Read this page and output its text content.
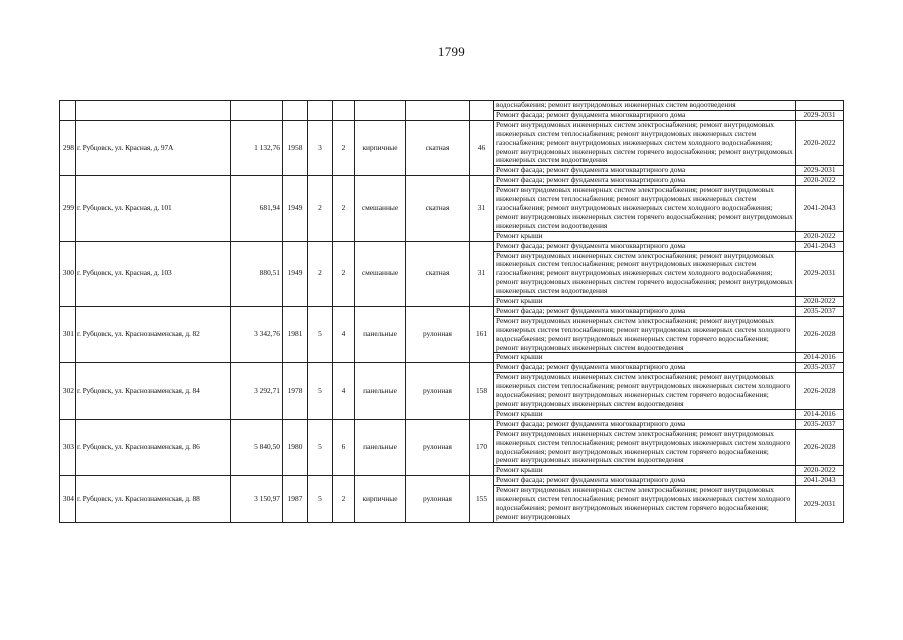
1799
									водоснабжения; ремонт внутридомовых инженерных систем водоотведения	
									Ремонт фасада; ремонт фундамента многоквартирного дома	2029-2031
298	г. Рубцовск, ул. Красная, д. 97А	1 132,76	1958	3	2	кирпичные	скатная	46	Ремонт внутридомовых инженерных систем электроснабжения; ремонт внутридомовых инженерных систем теплоснабжения; ремонт внутридомовых инженерных систем газоснабжения; ремонт внутридомовых инженерных систем холодного водоснабжения; ремонт внутридомовых инженерных систем горячего водоснабжения; ремонт внутридомовых инженерных систем водоотведения	2020-2022
									Ремонт фасада; ремонт фундамента многоквартирного дома	2029-2031
299	г. Рубцовск, ул. Красная, д. 101	681,94	1949	2	2	смешанные	скатная	31	Ремонт фасада; ремонт фундамента многоквартирного дома	2020-2022
									Ремонт внутридомовых инженерных систем электроснабжения; ремонт внутридомовых инженерных систем теплоснабжения; ремонт внутридомовых инженерных систем газоснабжения; ремонт внутридомовых инженерных систем холодного водоснабжения; ремонт внутридомовых инженерных систем горячего водоснабжения; ремонт внутридомовых инженерных систем водоотведения	2041-2043
									Ремонт крыши	2020-2022
300	г. Рубцовск, ул. Красная, д. 103	880,51	1949	2	2	смешанные	скатная	31	Ремонт фасада; ремонт фундамента многоквартирного дома	2041-2043
									Ремонт внутридомовых инженерных систем электроснабжения; ремонт внутридомовых инженерных систем теплоснабжения; ремонт внутридомовых инженерных систем газоснабжения; ремонт внутридомовых инженерных систем холодного водоснабжения; ремонт внутридомовых инженерных систем горячего водоснабжения; ремонт внутридомовых инженерных систем водоотведения	2029-2031
									Ремонт крыши	2020-2022
301	г. Рубцовск, ул. Краснознаменская, д. 82	3 342,76	1981	5	4	панельные	рулонная	161	Ремонт фасада; ремонт фундамента многоквартирного дома	2035-2037
									Ремонт внутридомовых инженерных систем электроснабжения; ремонт внутридомовых инженерных систем теплоснабжения; ремонт внутридомовых инженерных систем холодного водоснабжения; ремонт внутридомовых инженерных систем горячего водоснабжения; ремонт внутридомовых инженерных систем водоотведения	2026-2028
									Ремонт крыши	2014-2016
302	г. Рубцовск, ул. Краснознаменская, д. 84	3 292,71	1978	5	4	панельные	рулонная	158	Ремонт фасада; ремонт фундамента многоквартирного дома	2035-2037
									Ремонт внутридомовых инженерных систем электроснабжения; ремонт внутридомовых инженерных систем теплоснабжения; ремонт внутридомовых инженерных систем холодного водоснабжения; ремонт внутридомовых инженерных систем горячего водоснабжения; ремонт внутридомовых инженерных систем водоотведения	2026-2028
									Ремонт крыши	2014-2016
303	г. Рубцовск, ул. Краснознаменская, д. 86	5 840,50	1980	5	6	панельные	рулонная	170	Ремонт фасада; ремонт фундамента многоквартирного дома	2035-2037
									Ремонт внутридомовых инженерных систем электроснабжения; ремонт внутридомовых инженерных систем теплоснабжения; ремонт внутридомовых инженерных систем холодного водоснабжения; ремонт внутридомовых инженерных систем горячего водоснабжения; ремонт внутридомовых инженерных систем водоотведения	2026-2028
									Ремонт крыши	2020-2022
304	г. Рубцовск, ул. Краснознаменская, д. 88	3 150,97	1987	5	2	кирпичные	рулонная	155	Ремонт фасада; ремонт фундамента многоквартирного дома	2041-2043
									Ремонт внутридомовых инженерных систем электроснабжения; ремонт внутридомовых инженерных систем теплоснабжения; ремонт внутридомовых инженерных систем холодного водоснабжения; ремонт внутридомовых инженерных систем горячего водоснабжения; ремонт внутридомовых	2029-2031
